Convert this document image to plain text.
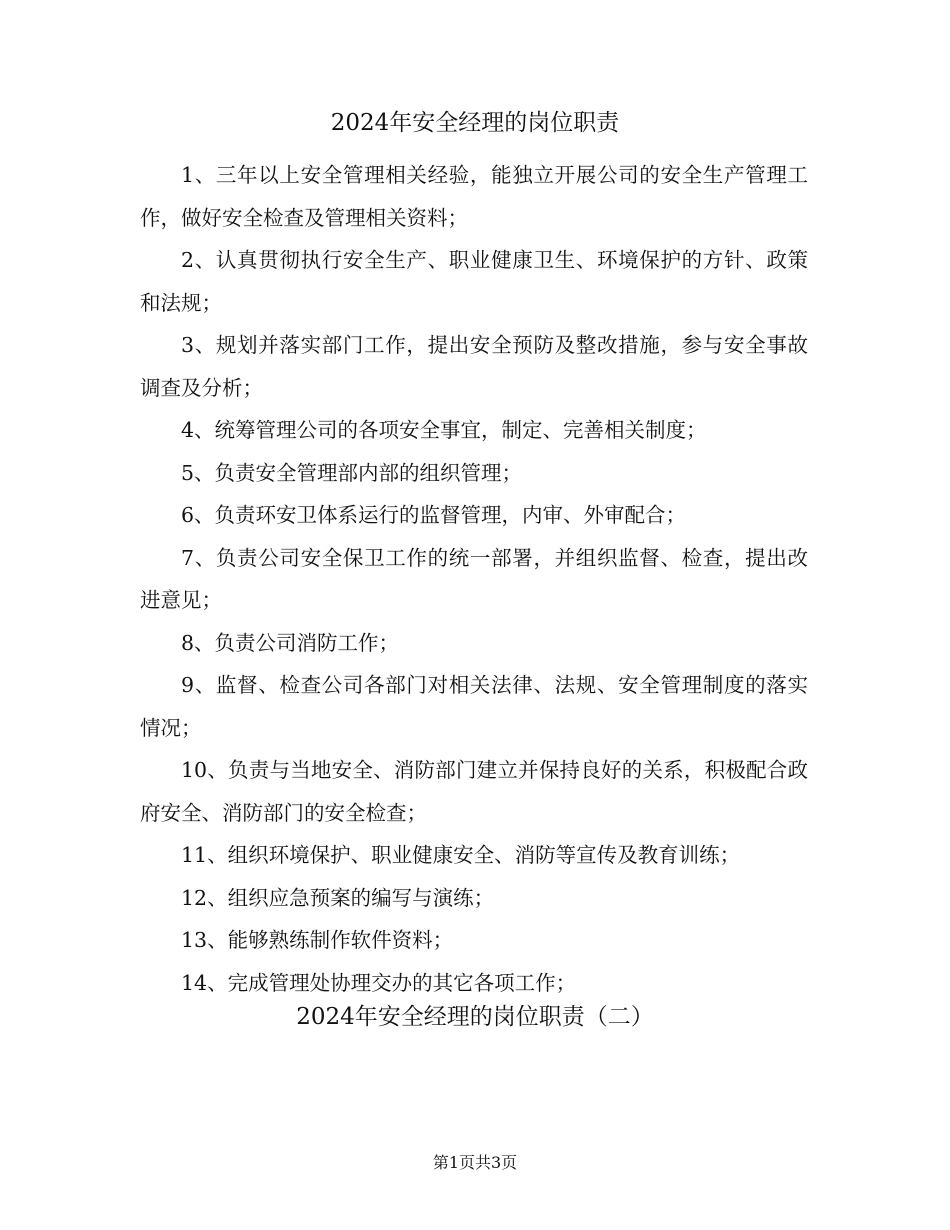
2024年安全经理的岗位职责

1、三年以上安全管理相关经验，能独立开展公司的安全生产管理工作，做好安全检查及管理相关资料；

2、认真贯彻执行安全生产、职业健康卫生、环境保护的方针、政策和法规；

3、规划并落实部门工作，提出安全预防及整改措施，参与安全事故调查及分析；

4、统筹管理公司的各项安全事宜，制定、完善相关制度；

5、负责安全管理部内部的组织管理；

6、负责环安卫体系运行的监督管理，内审、外审配合；

7、负责公司安全保卫工作的统一部署，并组织监督、检查，提出改进意见；

8、负责公司消防工作；

9、监督、检查公司各部门对相关法律、法规、安全管理制度的落实情况；

10、负责与当地安全、消防部门建立并保持良好的关系，积极配合政府安全、消防部门的安全检查；

11、组织环境保护、职业健康安全、消防等宣传及教育训练；

12、组织应急预案的编写与演练；

13、能够熟练制作软件资料；

14、完成管理处协理交办的其它各项工作；

2024年安全经理的岗位职责（二）
第1页共3页
